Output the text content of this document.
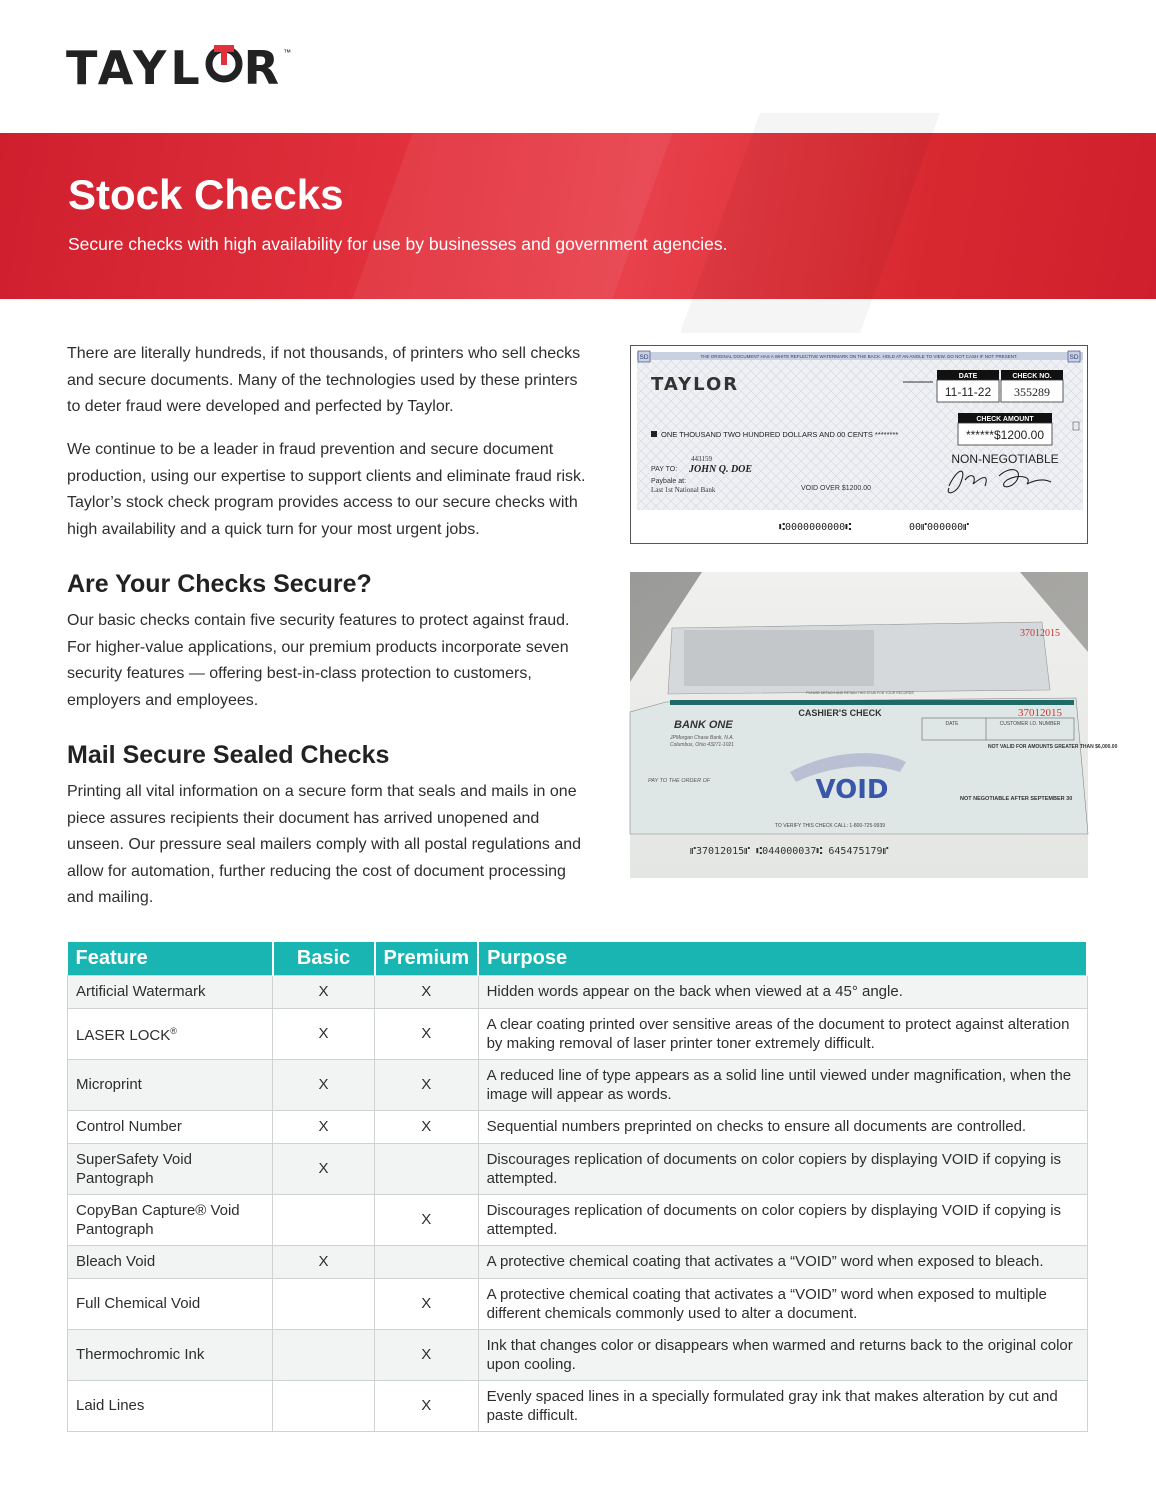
TAYL R ™
Stock Checks

Secure checks with high availability for use by businesses and government agencies.

There are literally hundreds, if not thousands, of printers who sell checks and secure documents. Many of the technologies used by these printers to deter fraud were developed and perfected by Taylor.

We continue to be a leader in fraud prevention and secure document production, using our expertise to support clients and eliminate fraud risk. Taylor’s stock check program provides access to our secure checks with high availability and a quick turn for your most urgent jobs.

Are Your Checks Secure?

Our basic checks contain five security features to protect against fraud. For higher-value applications, our premium products incorporate seven security features — offering best-in-class protection to customers, employers and employees.

Mail Secure Sealed Checks

Printing all vital information on a secure form that seals and mails in one piece assures recipients their document has arrived unopened and unseen. Our pressure seal mailers comply with all postal regulations and allow for automation, further reducing the cost of document processing and mailing.

THE ORIGINAL DOCUMENT HAS A WHITE REFLECTIVE WATERMARK ON THE BACK. HOLD AT AN ANGLE TO VIEW. DO NOT CASH IF NOT PRESENT.
SD	SD
TAYLOR	DATE
11-11-22
CHECK NO.
355289
CHECK AMOUNT
******$1200.00
ONE THOUSAND TWO HUNDRED DOLLARS AND 00 CENTS ********
443159
PAY TO: JOHN Q. DOE
Paybale at:
Last 1st National Bank	VOID OVER $1200.00
NON-NEGOTIABLE
⑆0000000000⑆	00⑈000000⑈
37012015
PLEASE DETACH AND RETAIN THIS STUB FOR YOUR RECORDS
CASHIER'S CHECK	37012015
BANK ONE
JPMorgan Chase Bank, N.A.
Columbus, Ohio 43271-1021
DATE	CUSTOMER I.D. NUMBER
NOT VALID FOR AMOUNTS GREATER THAN $6,000.00
VOID
PAY TO THE ORDER OF
NOT NEGOTIABLE AFTER SEPTEMBER 30
TO VERIFY THIS CHECK CALL: 1-800-725-9939
⑈37012015⑈ ⑆044000037⑆ 645475179⑈
Feature	Basic	Premium	Purpose
Artificial Watermark	X	X	Hidden words appear on the back when viewed at a 45° angle.
LASER LOCK®	X	X	A clear coating printed over sensitive areas of the document to protect against alteration by making removal of laser printer toner extremely difficult.
Microprint	X	X	A reduced line of type appears as a solid line until viewed under magnification, when the image will appear as words.
Control Number	X	X	Sequential numbers preprinted on checks to ensure all documents are controlled.
SuperSafety Void Pantograph	X		Discourages replication of documents on color copiers by displaying VOID if copying is attempted.
CopyBan Capture® Void Pantograph		X	Discourages replication of documents on color copiers by displaying VOID if copying is attempted.
Bleach Void	X		A protective chemical coating that activates a “VOID” word when exposed to bleach.
Full Chemical Void		X	A protective chemical coating that activates a “VOID” word when exposed to multiple different chemicals commonly used to alter a document.
Thermochromic Ink		X	Ink that changes color or disappears when warmed and returns back to the original color upon cooling.
Laid Lines		X	Evenly spaced lines in a specially formulated gray ink that makes alteration by cut and paste difficult.
